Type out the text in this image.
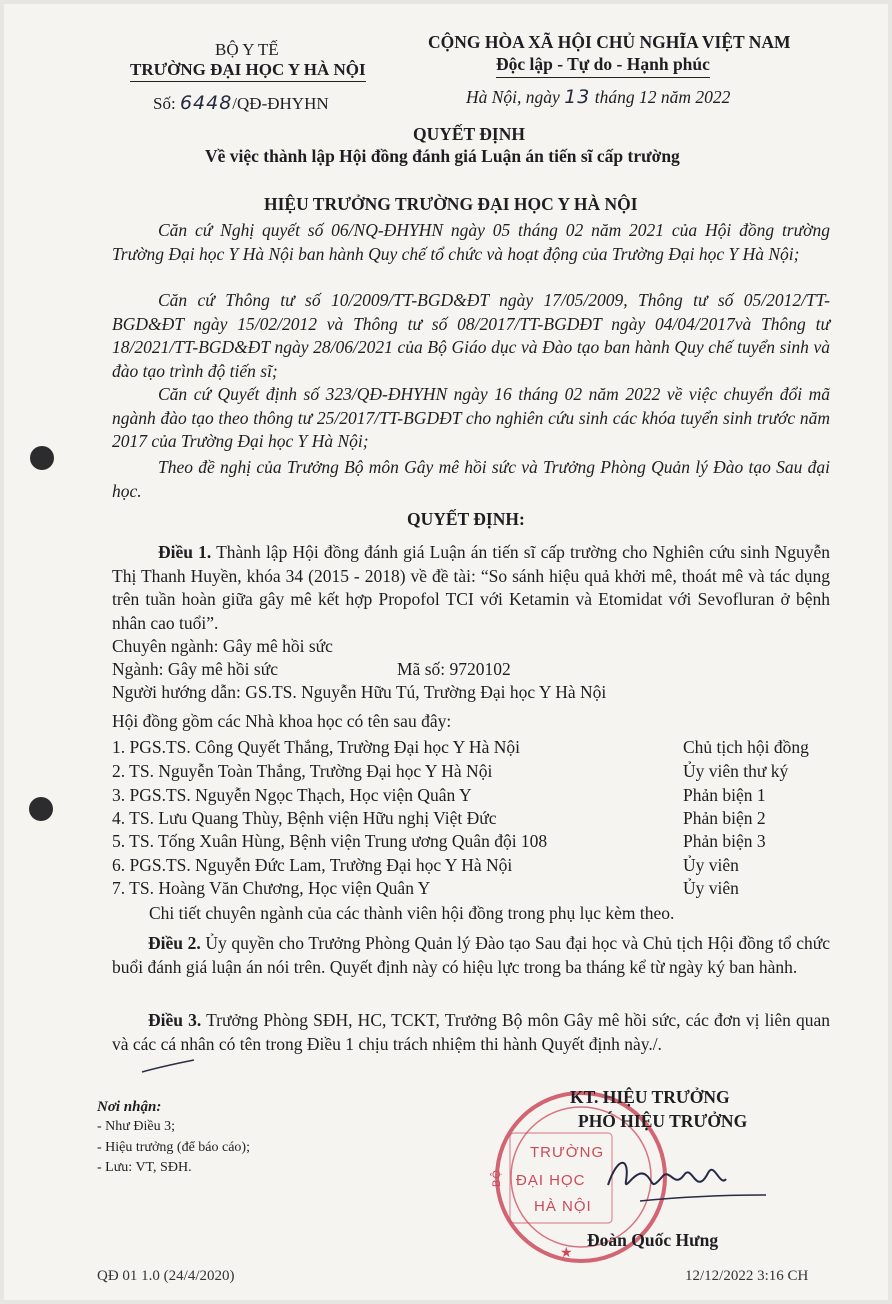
BỘ Y TẾ
TRƯỜNG ĐẠI HỌC Y HÀ NỘI
Số: 6448/QĐ-ĐHYHN
CỘNG HÒA XÃ HỘI CHỦ NGHĨA VIỆT NAM
Độc lập - Tự do - Hạnh phúc
Hà Nội, ngày 13 tháng 12 năm 2022
QUYẾT ĐỊNH
Về việc thành lập Hội đồng đánh giá Luận án tiến sĩ cấp trường
HIỆU TRƯỞNG TRƯỜNG ĐẠI HỌC Y HÀ NỘI
Căn cứ Nghị quyết số 06/NQ-ĐHYHN ngày 05 tháng 02 năm 2021 của Hội đồng trường Trường Đại học Y Hà Nội ban hành Quy chế tổ chức và hoạt động của Trường Đại học Y Hà Nội;
Căn cứ Thông tư số 10/2009/TT-BGD&ĐT ngày 17/05/2009, Thông tư số 05/2012/TT-BGD&ĐT ngày 15/02/2012 và Thông tư số 08/2017/TT-BGDĐT ngày 04/04/2017và Thông tư 18/2021/TT-BGD&ĐT ngày 28/06/2021 của Bộ Giáo dục và Đào tạo ban hành Quy chế tuyển sinh và đào tạo trình độ tiến sĩ;
Căn cứ Quyết định số 323/QĐ-ĐHYHN ngày 16 tháng 02 năm 2022 về việc chuyển đổi mã ngành đào tạo theo thông tư 25/2017/TT-BGDĐT cho nghiên cứu sinh các khóa tuyển sinh trước năm 2017 của Trường Đại học Y Hà Nội;
Theo đề nghị của Trưởng Bộ môn Gây mê hồi sức và Trưởng Phòng Quản lý Đào tạo Sau đại học.
QUYẾT ĐỊNH:
Điều 1. Thành lập Hội đồng đánh giá Luận án tiến sĩ cấp trường cho Nghiên cứu sinh Nguyễn Thị Thanh Huyền, khóa 34 (2015 - 2018) về đề tài: “So sánh hiệu quả khởi mê, thoát mê và tác dụng trên tuần hoàn giữa gây mê kết hợp Propofol TCI với Ketamin và Etomidat với Sevofluran ở bệnh nhân cao tuổi”.
Chuyên ngành: Gây mê hồi sức
Ngành: Gây mê hồi sức	Mã số: 9720102
Người hướng dẫn: GS.TS. Nguyễn Hữu Tú, Trường Đại học Y Hà Nội
Hội đồng gồm các Nhà khoa học có tên sau đây:
1. PGS.TS. Công Quyết Thắng, Trường Đại học Y Hà Nội	Chủ tịch hội đồng
2. TS. Nguyễn Toàn Thắng, Trường Đại học Y Hà Nội	Ủy viên thư ký
3. PGS.TS. Nguyễn Ngọc Thạch, Học viện Quân Y	Phản biện 1
4. TS. Lưu Quang Thùy, Bệnh viện Hữu nghị Việt Đức	Phản biện 2
5. TS. Tống Xuân Hùng, Bệnh viện Trung ương Quân đội 108	Phản biện 3
6. PGS.TS. Nguyễn Đức Lam, Trường Đại học Y Hà Nội	Ủy viên
7. TS. Hoàng Văn Chương, Học viện Quân Y	Ủy viên
Chi tiết chuyên ngành của các thành viên hội đồng trong phụ lục kèm theo.
Điều 2. Ủy quyền cho Trưởng Phòng Quản lý Đào tạo Sau đại học và Chủ tịch Hội đồng tổ chức buổi đánh giá luận án nói trên. Quyết định này có hiệu lực trong ba tháng kể từ ngày ký ban hành.
Điều 3. Trưởng Phòng SĐH, HC, TCKT, Trưởng Bộ môn Gây mê hồi sức, các đơn vị liên quan và các cá nhân có tên trong Điều 1 chịu trách nhiệm thi hành Quyết định này./.
Nơi nhận:
- Như Điều 3;
- Hiệu trưởng (để báo cáo);
- Lưu: VT, SĐH.
TRƯỜNG
ĐẠI HỌC
HÀ NỘI
BỘ
★
KT. HIỆU TRƯỞNG
PHÓ HIỆU TRƯỞNG
Đoàn Quốc Hưng
QĐ 01 1.0 (24/4/2020)	12/12/2022 3:16 CH
